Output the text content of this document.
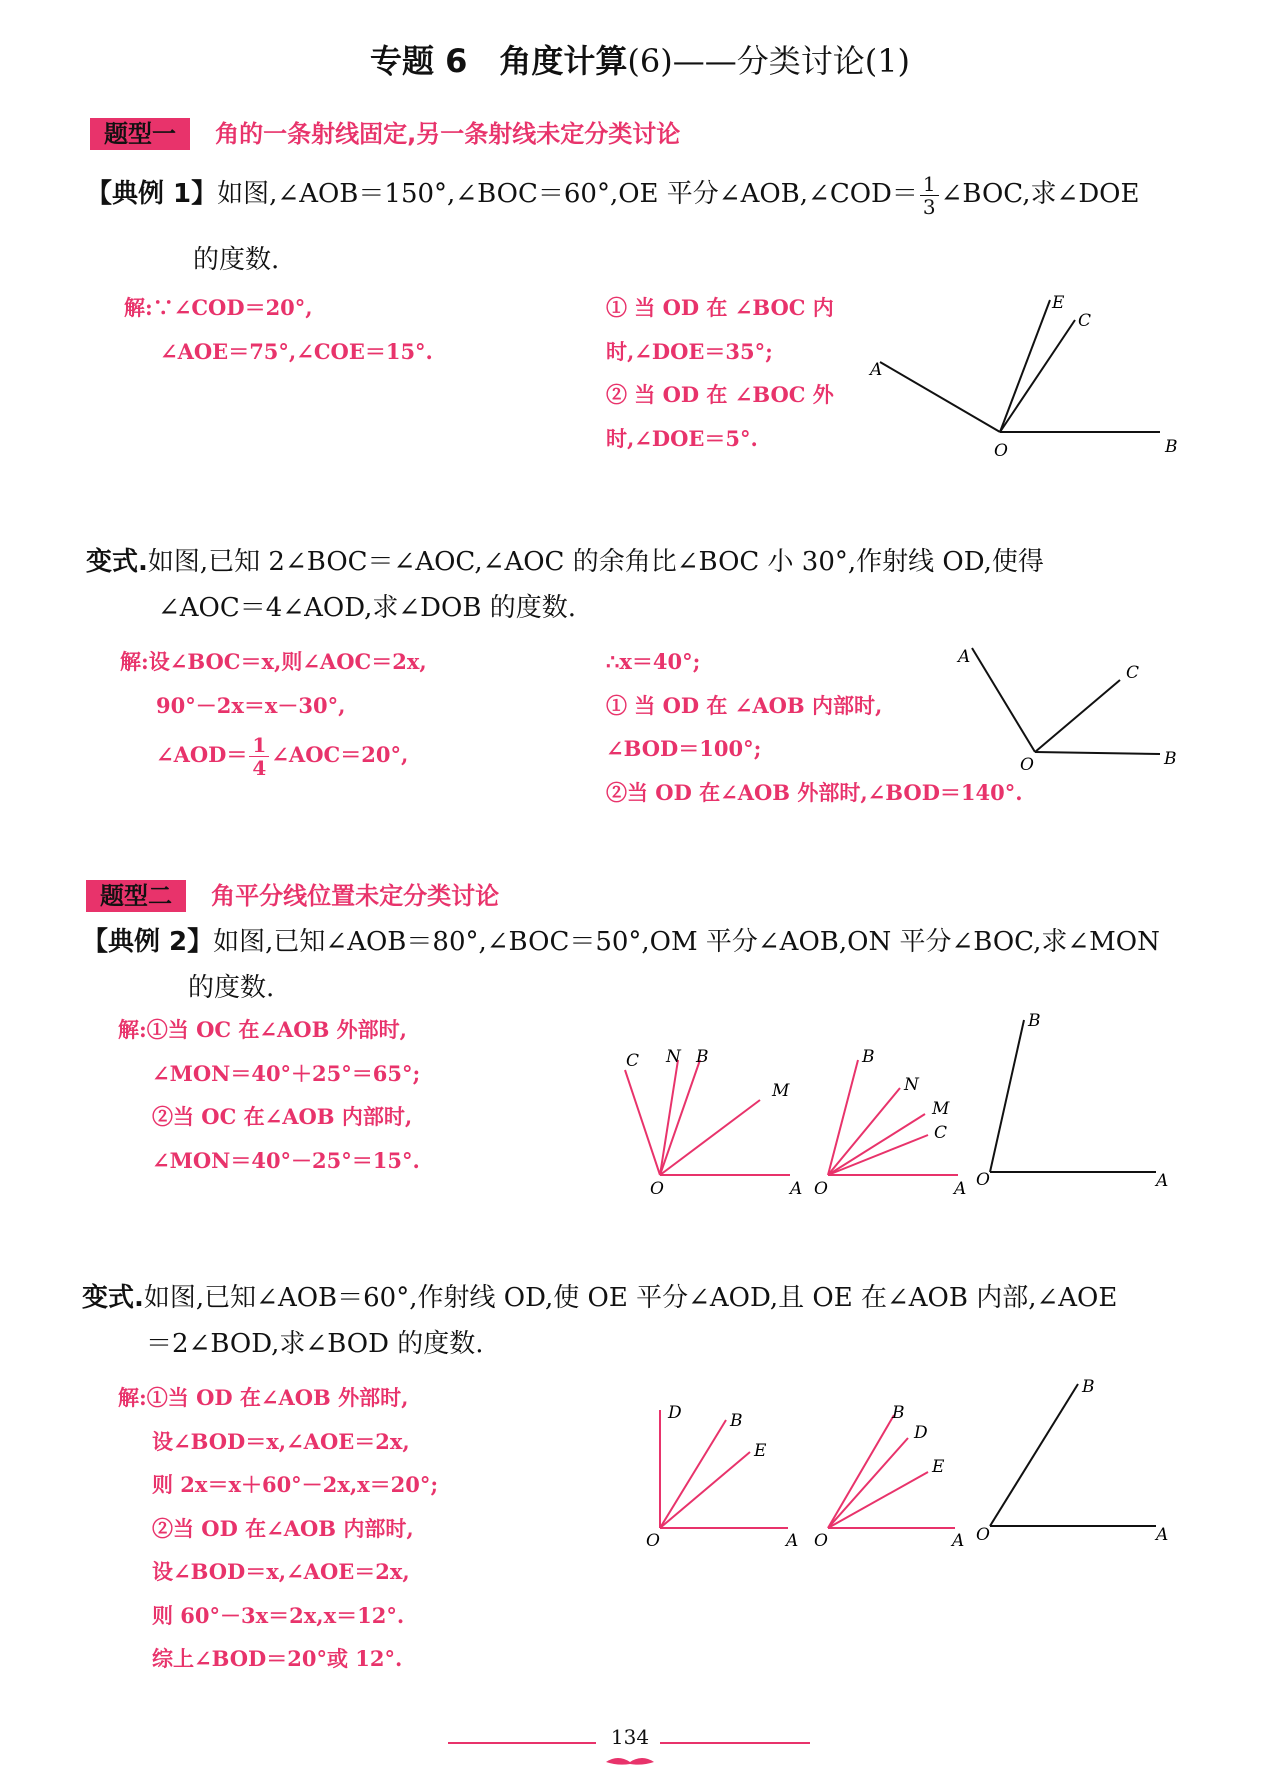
专题 6　角度计算(6)——分类讨论(1)
题型一 角的一条射线固定,另一条射线未定分类讨论
【典例 1】如图,∠AOB＝150°,∠BOC＝60°,OE 平分∠AOB,∠COD＝ $\frac{1}{3}$ ∠BOC,求∠DOE
的度数.
解:∵∠COD＝20°,
∠AOE＝75°,∠COE＝15°.
① 当 OD 在 ∠BOC 内
时,∠DOE＝35°;
② 当 OD 在 ∠BOC 外
时,∠DOE＝5°.
A
B
C
E
O
变式.如图,已知 2∠BOC＝∠AOC,∠AOC 的余角比∠BOC 小 30°,作射线 OD,使得
∠AOC＝4∠AOD,求∠DOB 的度数.
解:设∠BOC＝x,则∠AOC＝2x,
90°－2x＝x－30°,
∠AOD＝ $\frac{1}{4}$ ∠AOC＝20°,
∴x＝40°;
① 当 OD 在 ∠AOB 内部时,
∠BOD＝100°;
②当 OD 在∠AOB 外部时,∠BOD＝140°.
A
B
C
O
题型二 角平分线位置未定分类讨论
【典例 2】如图,已知∠AOB＝80°,∠BOC＝50°,OM 平分∠AOB,ON 平分∠BOC,求∠MON
的度数.
解:①当 OC 在∠AOB 外部时,
∠MON＝40°＋25°＝65°;
②当 OC 在∠AOB 内部时,
∠MON＝40°－25°＝15°.
C N B
M
O	A
B
N
M
C
O	A
B
O	A
变式.如图,已知∠AOB＝60°,作射线 OD,使 OE 平分∠AOD,且 OE 在∠AOB 内部,∠AOE
＝2∠BOD,求∠BOD 的度数.
解:①当 OD 在∠AOB 外部时,
设∠BOD＝x,∠AOE＝2x,
则 2x＝x＋60°－2x,x＝20°;
②当 OD 在∠AOB 内部时,
设∠BOD＝x,∠AOE＝2x,
则 60°－3x＝2x,x＝12°.
综上∠BOD＝20°或 12°.
D	B
E
O	A
B
D
E
O	A
B
O	A
134
